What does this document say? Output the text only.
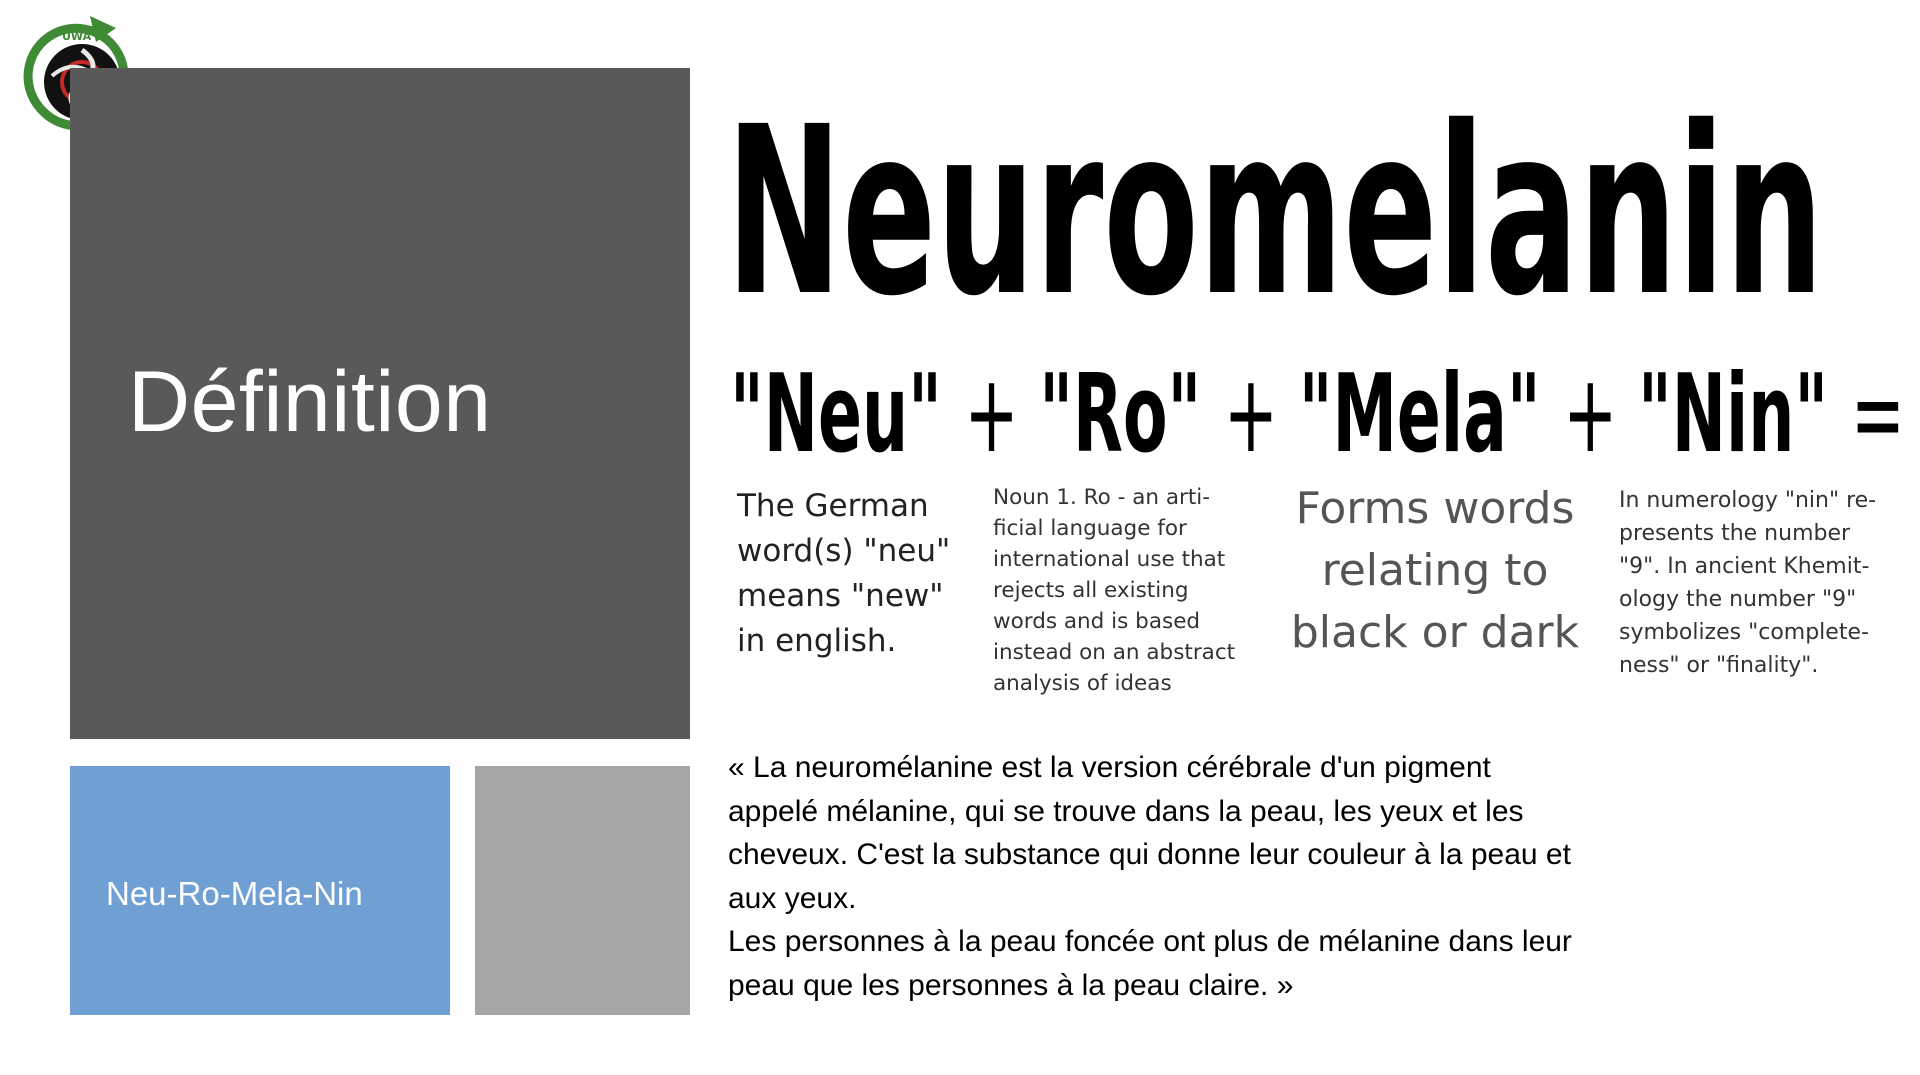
UWA
Définition
Neu-Ro-Mela-Nin
Neuromelanin
"Neu" + "Ro" + "Mela" + "Nin" =
The German
word(s) "neu"
means "new"
in english.
Noun 1. Ro - an arti-
ficial language for
international use that
rejects all existing
words and is based
instead on an abstract
analysis of ideas
Forms words
relating to
black or dark
In numerology "nin" re-
presents the number
"9". In ancient Khemit-
ology the number "9"
symbolizes "complete-
ness" or "finality".

« La neuromélanine est la version cérébrale d'un pigment
appelé mélanine, qui se trouve dans la peau, les yeux et les
cheveux. C'est la substance qui donne leur couleur à la peau et
aux yeux.
Les personnes à la peau foncée ont plus de mélanine dans leur
peau que les personnes à la peau claire. »
